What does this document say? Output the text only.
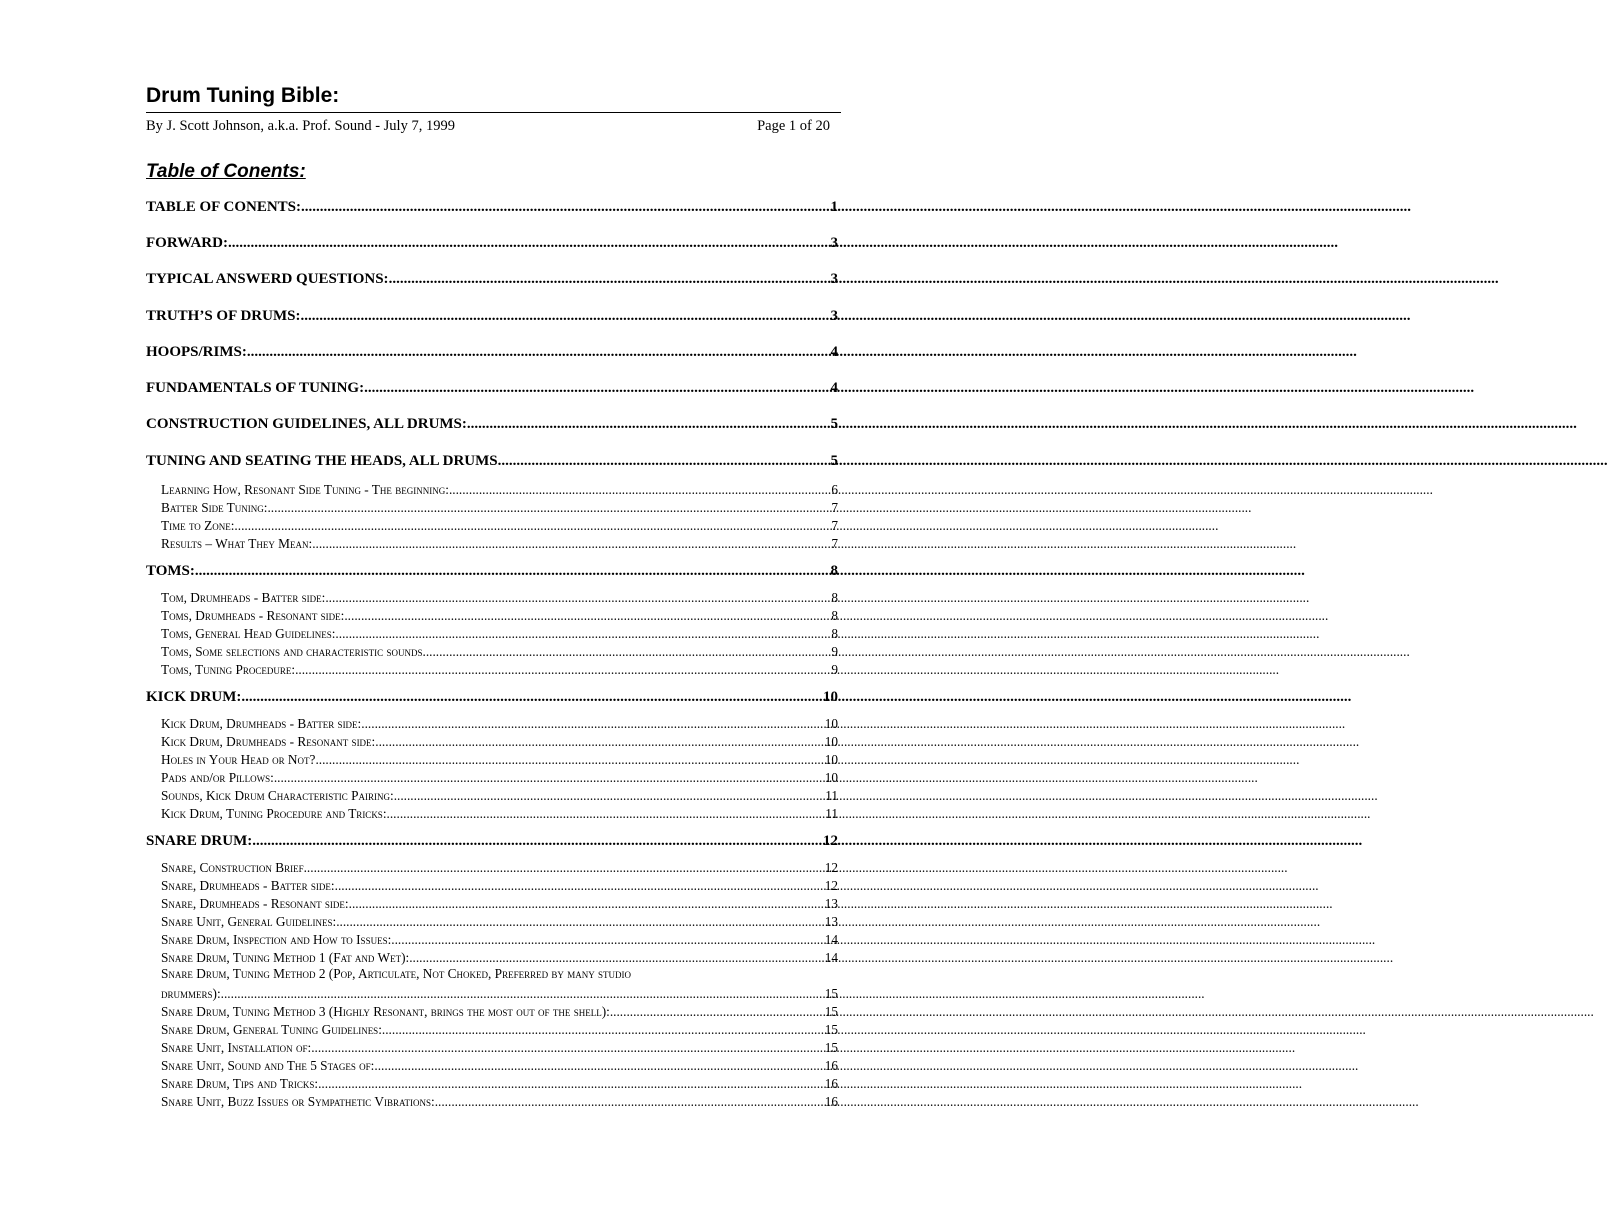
Drum Tuning Bible:
By J. Scott Johnson, a.k.a. Prof. Sound - July 7, 1999	Page 1 of 20
Table of Conents:
TABLE OF CONENTS: .....	1
FORWARD: .....	3
TYPICAL ANSWERD QUESTIONS: .....	3
TRUTH’S OF DRUMS: .....	3
HOOPS/RIMS: .....	4
FUNDAMENTALS OF TUNING: .....	4
CONSTRUCTION GUIDELINES, ALL DRUMS: .....	5
TUNING AND SEATING THE HEADS, ALL DRUMS .....	5
Learning How, Resonant Side Tuning - The beginning: .....	6
Batter Side Tuning: .....	7
Time to Zone: .....	7
Results – What They Mean: .....	7
TOMS: .....	8
Tom, Drumheads - Batter side: .....	8
Toms, Drumheads - Resonant side: .....	8
Toms, General Head Guidelines: .....	8
Toms, Some selections and characteristic sounds. .....	9
Toms, Tuning Procedure: .....	9
KICK DRUM: .....	10
Kick Drum, Drumheads - Batter side: .....	10
Kick Drum, Drumheads - Resonant side: .....	10
Holes in Your Head or Not? .....	10
Pads and/or Pillows: .....	10
Sounds, Kick Drum Characteristic Pairing: .....	11
Kick Drum, Tuning Procedure and Tricks: .....	11
SNARE DRUM: .....	12
Snare, Construction Brief .....	12
Snare, Drumheads - Batter side: .....	12
Snare, Drumheads - Resonant side: .....	13
Snare Unit, General Guidelines: .....	13
Snare Drum, Inspection and How to Issues: .....	14
Snare Drum, Tuning Method 1 (Fat and Wet): .....	14
Snare Drum, Tuning Method 2 (Pop, Articulate, Not Choked, Preferred by many studio
drummers): .....	15
Snare Drum, Tuning Method 3 (Highly Resonant, brings the most out of the shell): .....	15
Snare Drum, General Tuning Guidelines: .....	15
Snare Unit, Installation of: .....	15
Snare Unit, Sound and The 5 Stages of: .....	16
Snare Drum, Tips and Tricks: .....	16
Snare Unit, Buzz Issues or Sympathetic Vibrations: .....	16
